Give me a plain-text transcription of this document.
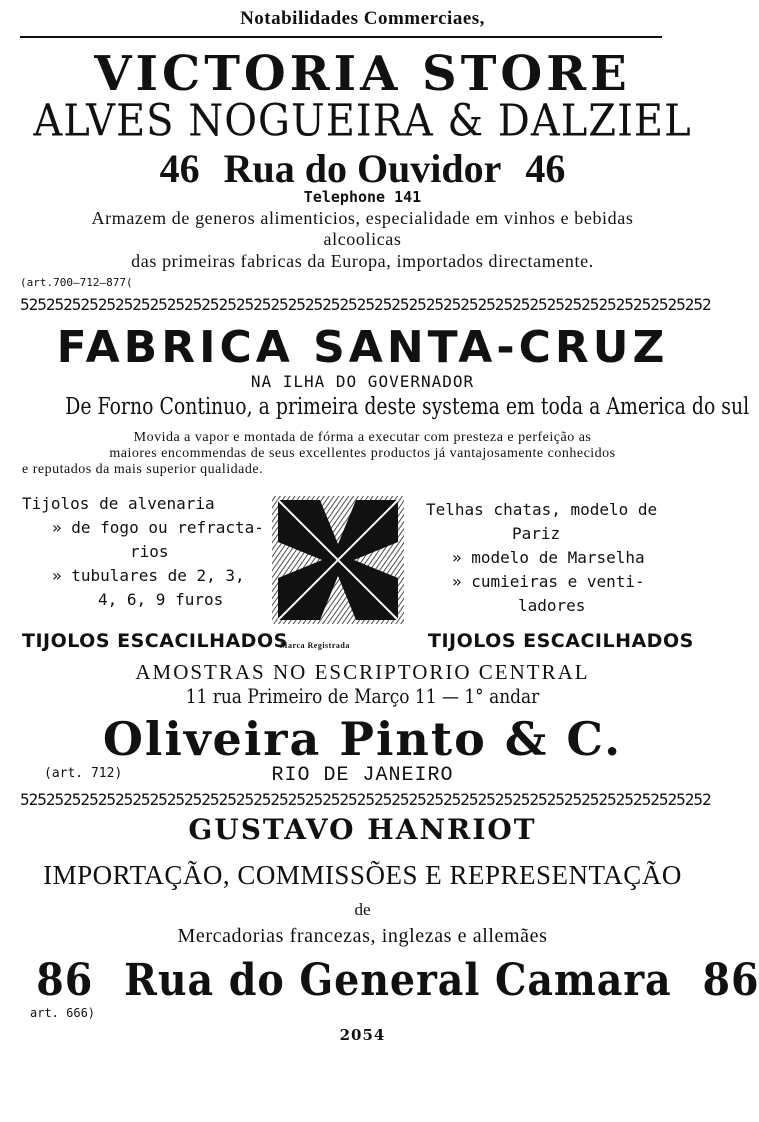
Notabilidades Commerciaes,
VICTORIA STORE
ALVES NOGUEIRA & DALZIEL
46 Rua do Ouvidor 46
Telephone 141
Armazem de generos alimenticios, especialidade em vinhos e bebidas
alcoolicas
das primeiras fabricas da Europa, importados directamente.
(art.700—712—877(
52525252525252525252525252525252525252525252525252525252525252525252525252525252
FABRICA SANTA-CRUZ
NA ILHA DO GOVERNADOR
De Forno Continuo, a primeira deste systema em toda a America do sul
Movida a vapor e montada de fórma a executar com presteza e perfeição as
maiores encommendas de seus excellentes productos já vantajosamente conhecidos
e reputados da mais superior qualidade.
Tijolos de alvenaria
» de fogo ou refracta-
rios
» tubulares de 2, 3,
4, 6, 9 furos
Telhas chatas, modelo de
Pariz
» modelo de Marselha
» cumieiras e venti-
ladores
TIJOLOS ESCACILHADOS
Marca Registrada	TIJOLOS ESCACILHADOS
AMOSTRAS NO ESCRIPTORIO CENTRAL
11 rua Primeiro de Março 11 — 1° andar
Oliveira Pinto & C.
(art. 712)	RIO DE JANEIRO
52525252525252525252525252525252525252525252525252525252525252525252525252525252
GUSTAVO HANRIOT
IMPORTAÇÃO, COMMISSÕES E REPRESENTAÇÃO
de
Mercadorias francezas, inglezas e allemães
86 Rua do General Camara 86
art. 666)
2054
